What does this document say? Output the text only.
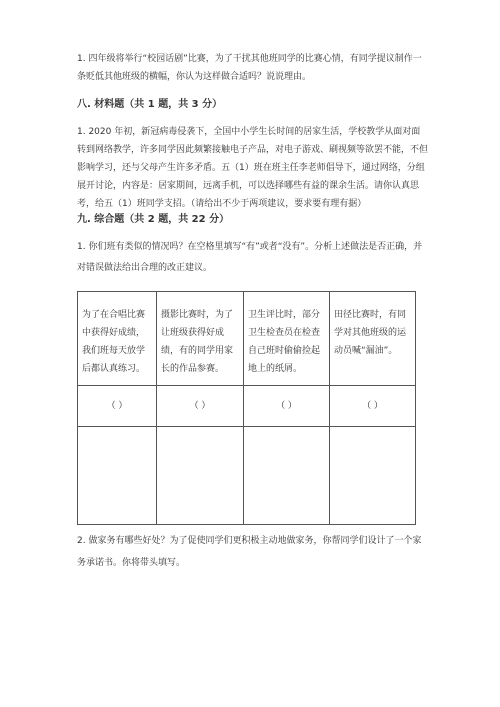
1. 四年级将举行“校园话剧”比赛，为了干扰其他班同学的比赛心情，有同学提议制作一条贬低其他班级的横幅，你认为这样做合适吗？说说理由。

八. 材料题（共 1 题，共 3 分）

1. 2020 年初，新冠病毒侵袭下，全国中小学生长时间的居家生活，学校教学从面对面转到网络教学，许多同学因此频繁接触电子产品，对电子游戏、刷视频等欲罢不能，不但影响学习，还与父母产生许多矛盾。五（1）班在班主任李老师倡导下，通过网络，分组展开讨论，内容是：居家期间，远离手机，可以选择哪些有益的课余生活。请你认真思考，给五（1）班同学支招。（请给出不少于两项建议，要求要有理有据）

九. 综合题（共 2 题，共 22 分）

1. 你们班有类似的情况吗？在空格里填写“有”或者“没有”。分析上述做法是否正确，并对错误做法给出合理的改正建议。

为了在合唱比赛中获得好成绩，我们班每天放学后都认真练习。	摄影比赛时，为了让班级获得好成绩，有的同学用家长的作品参赛。	卫生评比时，部分卫生检查员在检查自己班时偷偷捡起地上的纸屑。	田径比赛时，有同学对其他班级的运动员喊“漏油”。
（ ）	（ ）	（ ）	（ ）

2. 做家务有哪些好处？为了促使同学们更积极主动地做家务，你帮同学们设计了一个家务承诺书。你将带头填写。
